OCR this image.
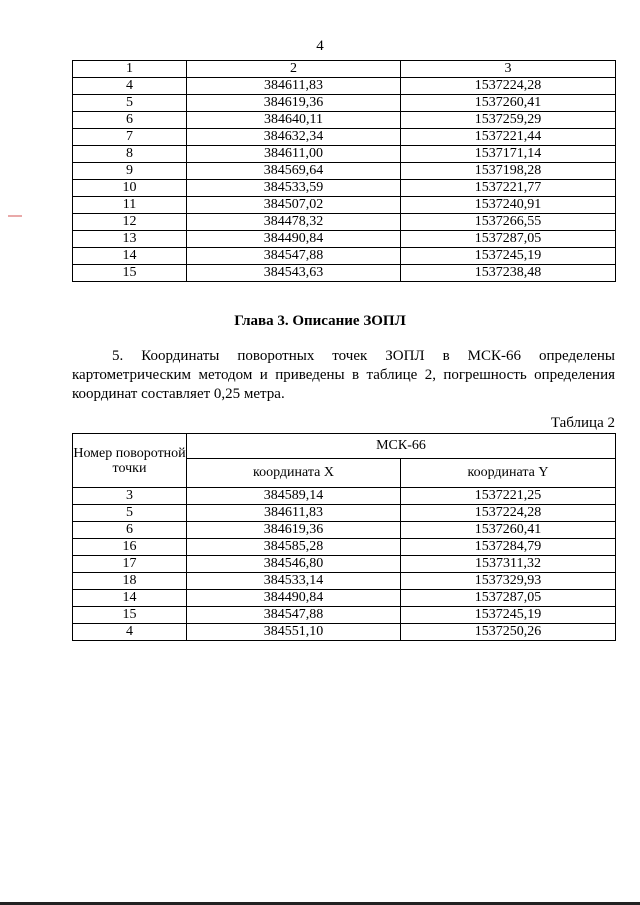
4
1	2	3
4	384611,83	1537224,28
5	384619,36	1537260,41
6	384640,11	1537259,29
7	384632,34	1537221,44
8	384611,00	1537171,14
9	384569,64	1537198,28
10	384533,59	1537221,77
11	384507,02	1537240,91
12	384478,32	1537266,55
13	384490,84	1537287,05
14	384547,88	1537245,19
15	384543,63	1537238,48
Глава 3. Описание ЗОПЛ
5. Координаты поворотных точек ЗОПЛ в МСК-66 определены картометрическим методом и приведены в таблице 2, погрешность определения координат составляет 0,25 метра.
Таблица 2
Номер поворотной точки	МСК-66	
	координата X	координата Y
3	384589,14	1537221,25
5	384611,83	1537224,28
6	384619,36	1537260,41
16	384585,28	1537284,79
17	384546,80	1537311,32
18	384533,14	1537329,93
14	384490,84	1537287,05
15	384547,88	1537245,19
4	384551,10	1537250,26
